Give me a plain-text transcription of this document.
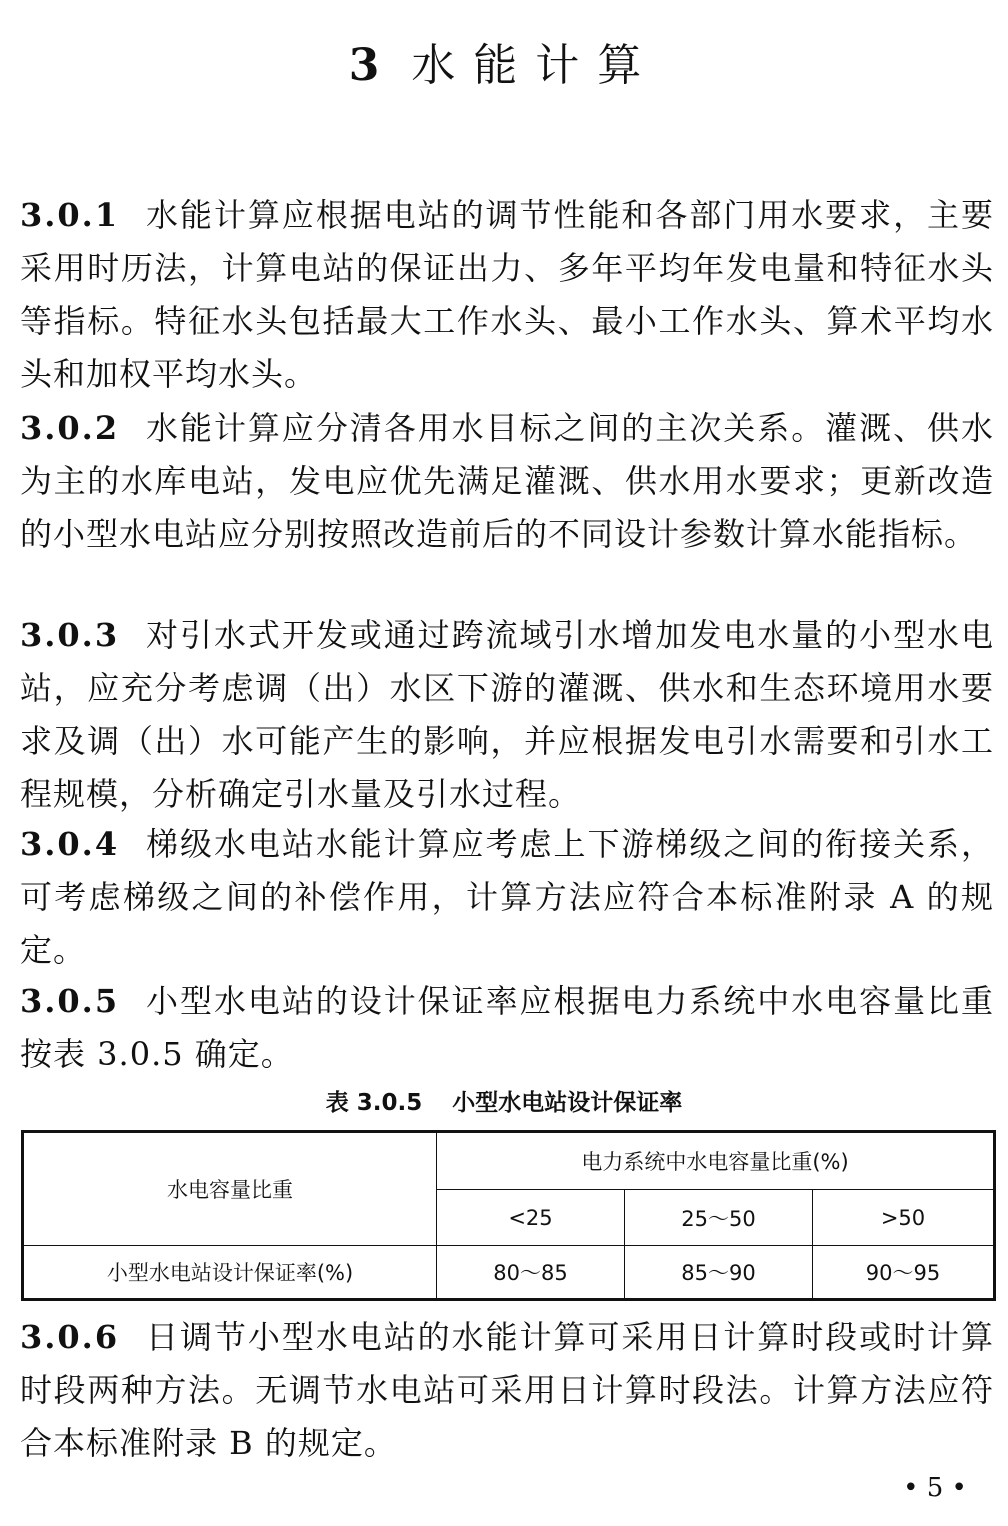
3 水能计算

3.0.1 水能计算应根据电站的调节性能和各部门用水要求，主要采用时历法，计算电站的保证出力、多年平均年发电量和特征水头等指标。特征水头包括最大工作水头、最小工作水头、算术平均水头和加权平均水头。

3.0.2 水能计算应分清各用水目标之间的主次关系。灌溉、供水为主的水库电站，发电应优先满足灌溉、供水用水要求；更新改造的小型水电站应分别按照改造前后的不同设计参数计算水能指标。

3.0.3 对引水式开发或通过跨流域引水增加发电水量的小型水电站，应充分考虑调（出）水区下游的灌溉、供水和生态环境用水要求及调（出）水可能产生的影响，并应根据发电引水需要和引水工程规模，分析确定引水量及引水过程。

3.0.4 梯级水电站水能计算应考虑上下游梯级之间的衔接关系，可考虑梯级之间的补偿作用，计算方法应符合本标准附录 A 的规定。

3.0.5 小型水电站的设计保证率应根据电力系统中水电容量比重按表 3.0.5 确定。

表 3.0.5 小型水电站设计保证率

水电容量比重	电力系统中水电容量比重(%)		
	<25	25～50	>50
小型水电站设计保证率(%)	80～85	85～90	90～95

3.0.6 日调节小型水电站的水能计算可采用日计算时段或时计算时段两种方法。无调节水电站可采用日计算时段法。计算方法应符合本标准附录 B 的规定。

• 5 •
